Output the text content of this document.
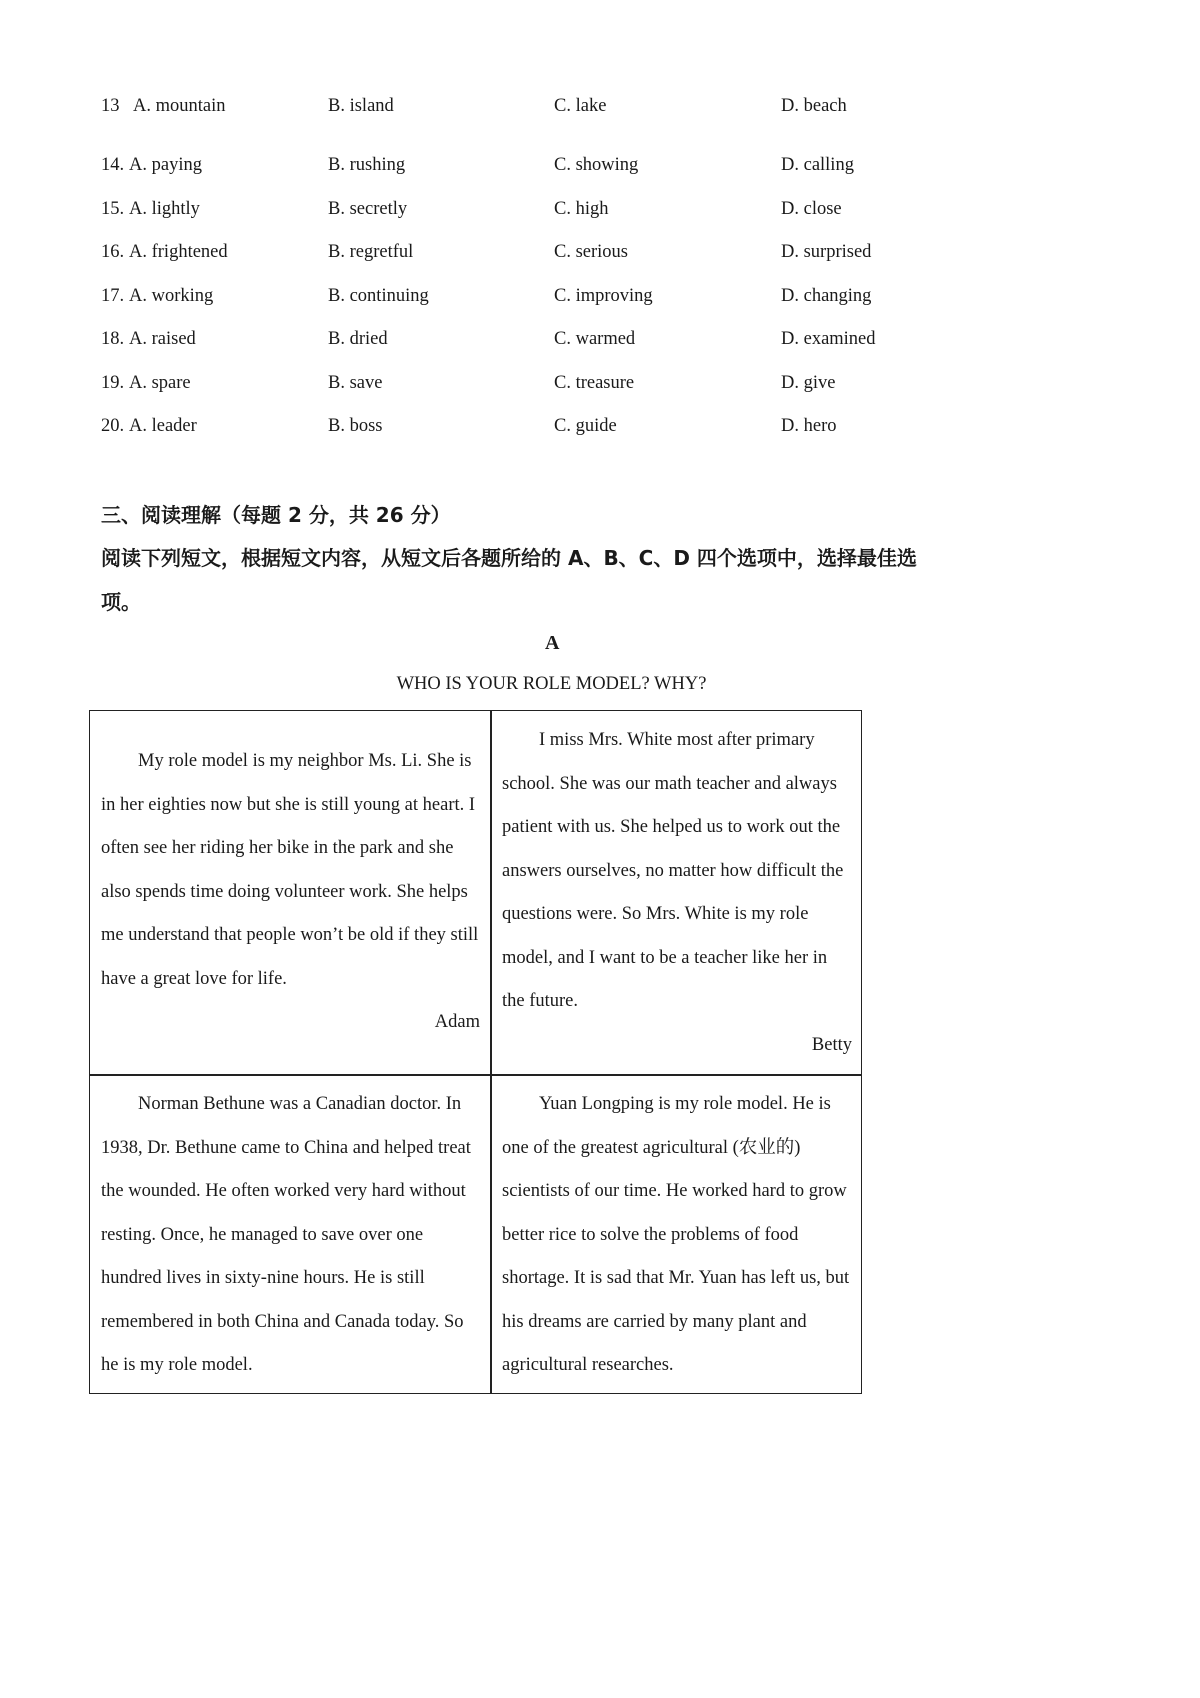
13 A. mountain	B. island	C. lake	D. beach
14. A. paying	B. rushing	C. showing	D. calling
15. A. lightly	B. secretly	C. high	D. close
16. A. frightened	B. regretful	C. serious	D. surprised
17. A. working	B. continuing	C. improving	D. changing
18. A. raised	B. dried	C. warmed	D. examined
19. A. spare	B. save	C. treasure	D. give
20. A. leader	B. boss	C. guide	D. hero
三、阅读理解（每题 2 分，共 26 分）
阅读下列短文，根据短文内容，从短文后各题所给的 A、B、C、D 四个选项中，选择最佳选
项。
A
WHO IS YOUR ROLE MODEL? WHY?

My role model is my neighbor Ms. Li. She is in her eighties now but she is still young at heart. I often see her riding her bike in the park and she also spends time doing volunteer work. She helps me understand that people won’t be old if they still have a great love for life.

Adam

I miss Mrs. White most after primary school. She was our math teacher and always patient with us. She helped us to work out the answers ourselves, no matter how difficult the questions were. So Mrs. White is my role model, and I want to be a teacher like her in the future.

Betty

Norman Bethune was a Canadian doctor. In 1938, Dr. Bethune came to China and helped treat the wounded. He often worked very hard without resting. Once, he managed to save over one hundred lives in sixty-nine hours. He is still remembered in both China and Canada today. So he is my role model.

Yuan Longping is my role model. He is one of the greatest agricultural (农业的) scientists of our time. He worked hard to grow better rice to solve the problems of food shortage. It is sad that Mr. Yuan has left us, but his dreams are carried by many plant and agricultural researches.
